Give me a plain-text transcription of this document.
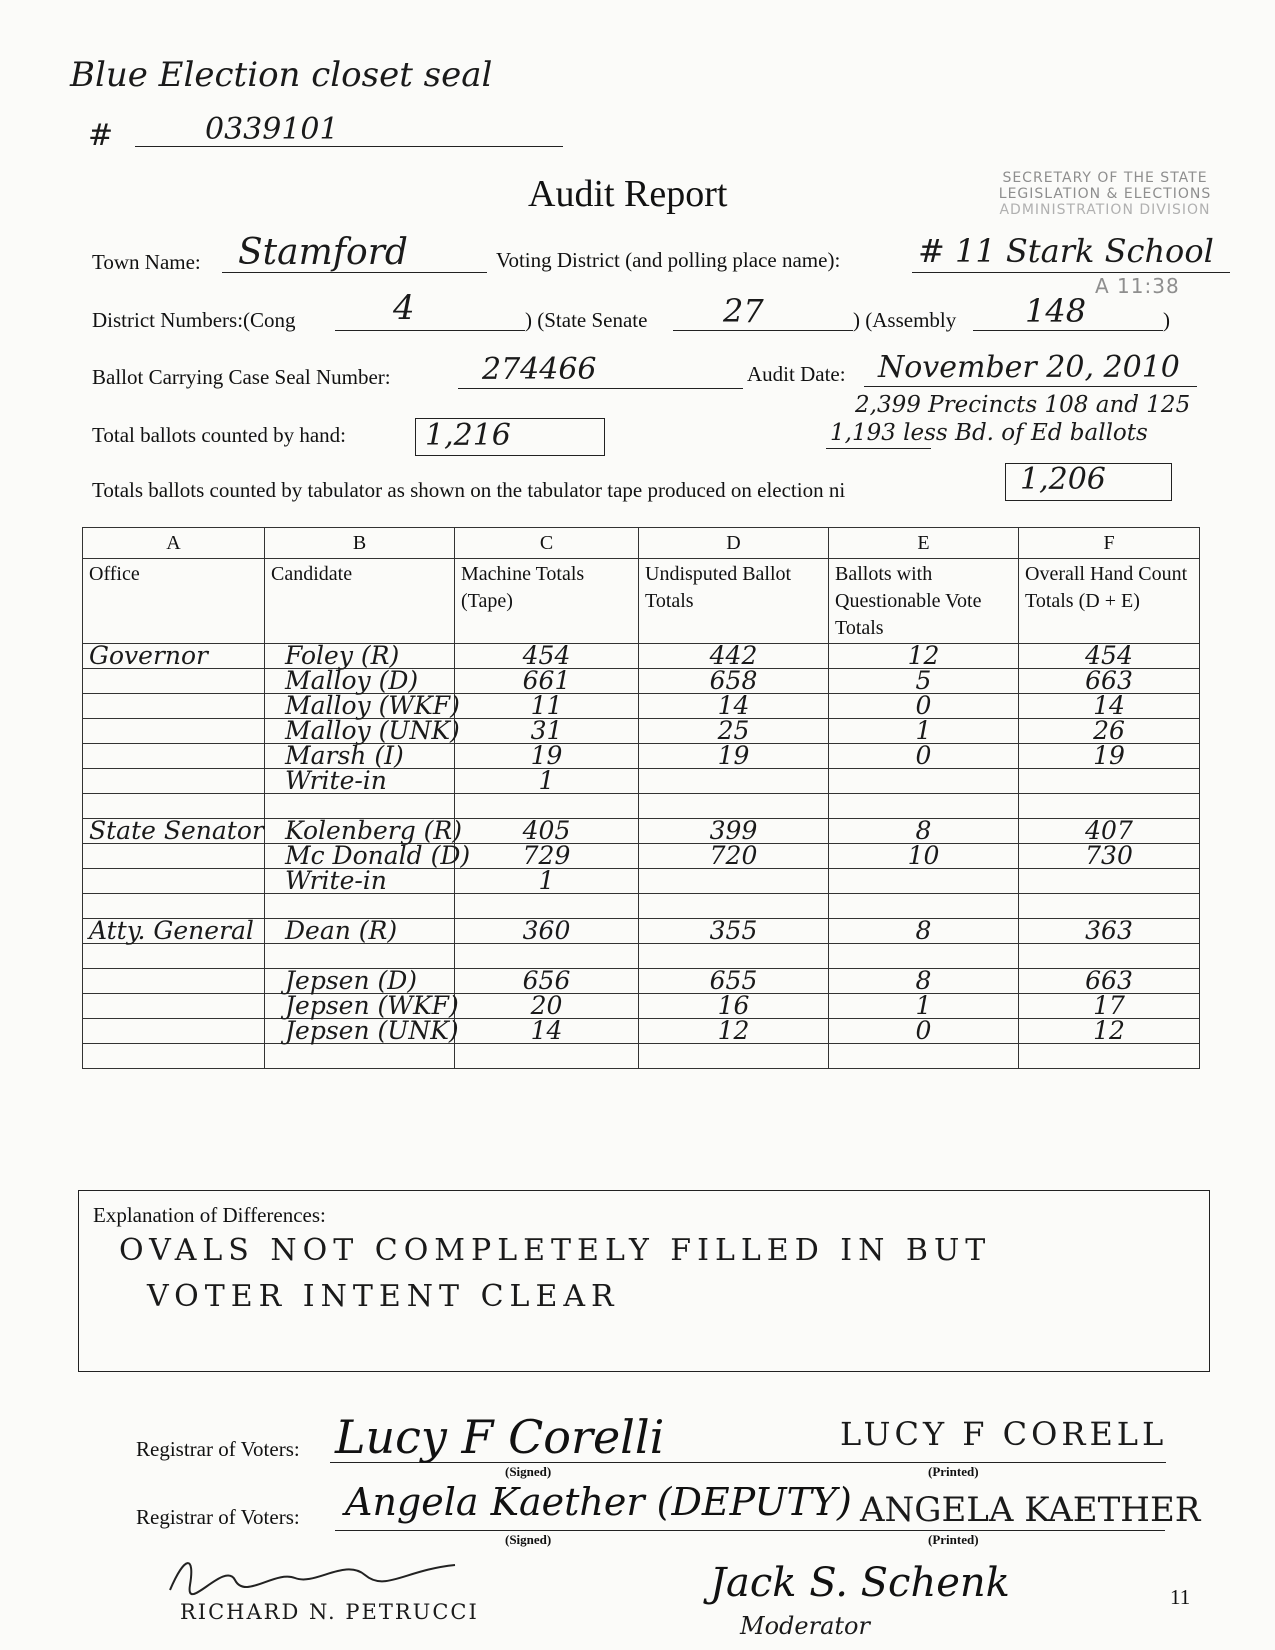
Blue Election closet seal
#	0339101
SECRETARY OF THE STATE
LEGISLATION & ELECTIONS
ADMINISTRATION DIVISION
A 11:38
Audit Report
Town Name: Stamford	Voting District (and polling place name): # 11 Stark School
District Numbers:(Cong	4	) (State Senate 27	) (Assembly 148	)
Ballot Carrying Case Seal Number:	274466	Audit Date: November 20, 2010
Total ballots counted by hand:	1,216
2,399 Precincts 108 and 125
1,193 less Bd. of Ed ballots
Totals ballots counted by tabulator as shown on the tabulator tape produced on election ni	1,206
A	B	C	D	E	F
Office	Candidate	Machine Totals (Tape)	Undisputed Ballot Totals	Ballots with Questionable Vote Totals	Overall Hand Count Totals (D + E)
Governor	Foley (R)	454	442	12	454
	Malloy (D)	661	658	5	663
	Malloy (WKF)	11	14	0	14
	Malloy (UNK)	31	25	1	26
	Marsh (I)	19	19	0	19
	Write-in	1			

State Senator	Kolenberg (R)	405	399	8	407
	Mc Donald (D)	729	720	10	730
	Write-in	1			

Atty. General	Dean (R)	360	355	8	363

	Jepsen (D)	656	655	8	663
	Jepsen (WKF)	20	16	1	17
	Jepsen (UNK)	14	12	0	12

Explanation of Differences:
OVALS NOT COMPLETELY FILLED IN BUT
VOTER INTENT CLEAR
Registrar of Voters: Lucy F Corelli	LUCY F CORELL
(Signed)	(Printed)
Registrar of Voters: Angela Kaether (DEPUTY) ANGELA KAETHER
(Signed)	(Printed)
RICHARD N. PETRUCCI
Jack S. Schenk
Moderator
11
